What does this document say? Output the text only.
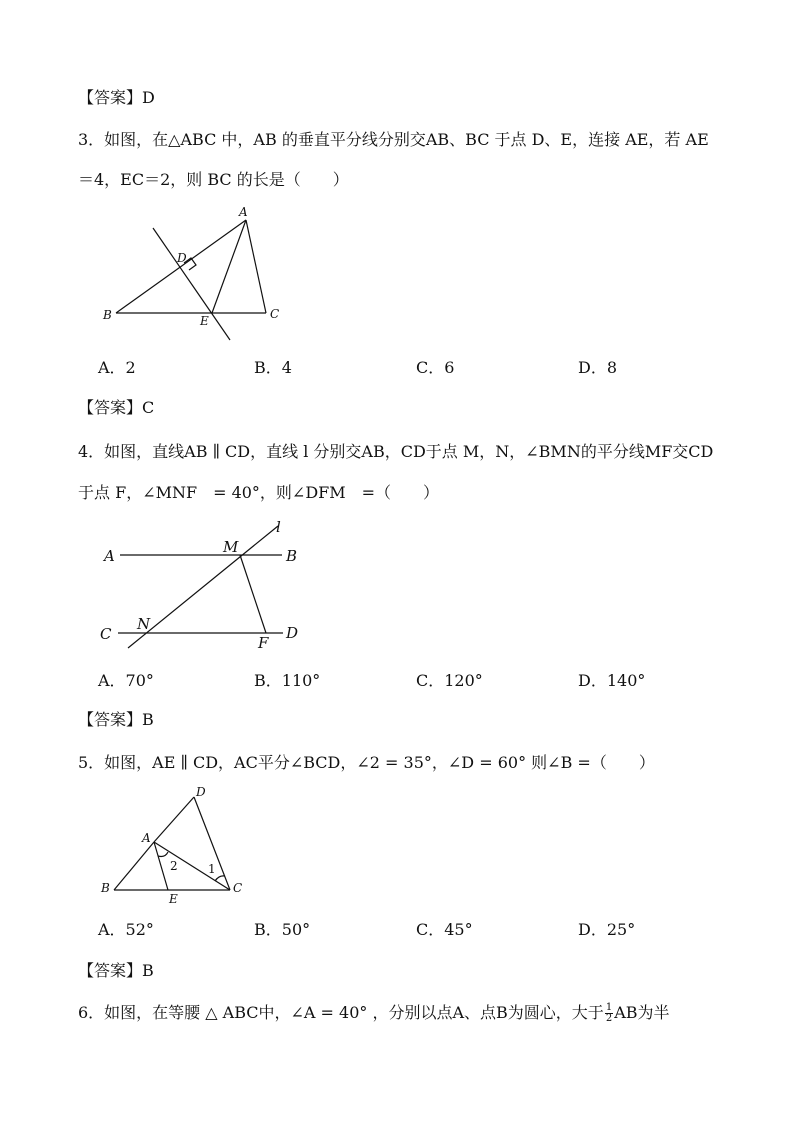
【答案】D
3．如图，在△ABC 中，AB 的垂直平分线分别交AB、BC 于点 D、E，连接 AE，若 AE
＝4，EC＝2，则 BC 的长是（　　）
A
B	C
D
E
A．2	B．4	C．6	D．8
【答案】C
4．如图，直线AB ∥ CD，直线 l 分别交AB，CD于点 M，N，∠BMN的平分线MF交CD
于点 F，∠MNF　= 40°，则∠DFM　=（　　）
A	B
C	D
M
N
F
l
A．70°	B．110°	C．120°	D．140°
【答案】B
5．如图，AE ∥ CD，AC平分∠BCD，∠2 = 35°，∠D = 60° 则∠B =（　　）
A
B	C
D
E
2	1
A．52°	B．50°	C．45°	D．25°
【答案】B
6．如图，在等腰 △ ABC中，∠A = 40° ，分别以点A、点B为圆心，大于 $\frac{1}{2}$ AB为半
